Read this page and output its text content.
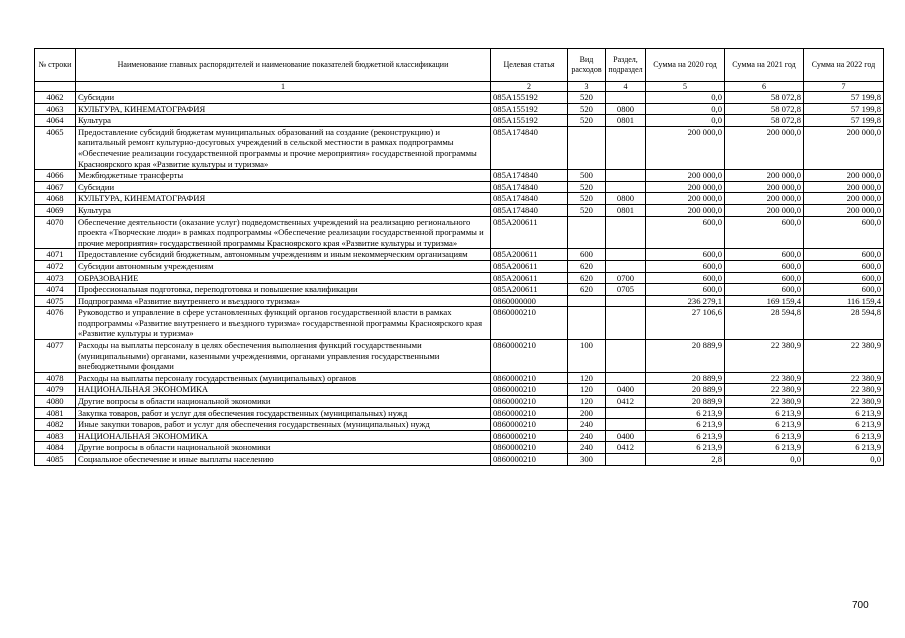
№ строки	Наименование главных распорядителей и наименование показателей бюджетной классификации	Целевая статья	Вид расходов	Раздел, подраздел	Сумма на 2020 год	Сумма на 2021 год	Сумма на 2022 год
	1	2	3	4	5	6	7
4062	Субсидии	085A155192	520		0,0	58 072,8	57 199,8
4063	КУЛЬТУРА, КИНЕМАТОГРАФИЯ	085A155192	520	0800	0,0	58 072,8	57 199,8
4064	Культура	085A155192	520	0801	0,0	58 072,8	57 199,8
4065	Предоставление субсидий бюджетам муниципальных образований на создание (реконструкцию) и капитальный ремонт культурно-досуговых учреждений в сельской местности в рамках подпрограммы «Обеспечение реализации государственной программы и прочие мероприятия» государственной программы Красноярского края «Развитие культуры и туризма»	085A174840			200 000,0	200 000,0	200 000,0
4066	Межбюджетные трансферты	085A174840	500		200 000,0	200 000,0	200 000,0
4067	Субсидии	085A174840	520		200 000,0	200 000,0	200 000,0
4068	КУЛЬТУРА, КИНЕМАТОГРАФИЯ	085A174840	520	0800	200 000,0	200 000,0	200 000,0
4069	Культура	085A174840	520	0801	200 000,0	200 000,0	200 000,0
4070	Обеспечение деятельности (оказание услуг) подведомственных учреждений на реализацию регионального проекта «Творческие люди» в рамках подпрограммы «Обеспечение реализации государственной программы и прочие мероприятия» государственной программы Красноярского края «Развитие культуры и туризма»	085A200611			600,0	600,0	600,0
4071	Предоставление субсидий бюджетным, автономным учреждениям и иным некоммерческим организациям	085A200611	600		600,0	600,0	600,0
4072	Субсидии автономным учреждениям	085A200611	620		600,0	600,0	600,0
4073	ОБРАЗОВАНИЕ	085A200611	620	0700	600,0	600,0	600,0
4074	Профессиональная подготовка, переподготовка и повышение квалификации	085A200611	620	0705	600,0	600,0	600,0
4075	Подпрограмма «Развитие внутреннего и въездного туризма»	0860000000			236 279,1	169 159,4	116 159,4
4076	Руководство и управление в сфере установленных функций органов государственной власти в рамках подпрограммы «Развитие внутреннего и въездного туризма» государственной программы Красноярского края «Развитие культуры и туризма»	0860000210			27 106,6	28 594,8	28 594,8
4077	Расходы на выплаты персоналу в целях обеспечения выполнения функций государственными (муниципальными) органами, казенными учреждениями, органами управления государственными внебюджетными фондами	0860000210	100		20 889,9	22 380,9	22 380,9
4078	Расходы на выплаты персоналу государственных (муниципальных) органов	0860000210	120		20 889,9	22 380,9	22 380,9
4079	НАЦИОНАЛЬНАЯ ЭКОНОМИКА	0860000210	120	0400	20 889,9	22 380,9	22 380,9
4080	Другие вопросы в области национальной экономики	0860000210	120	0412	20 889,9	22 380,9	22 380,9
4081	Закупка товаров, работ и услуг для обеспечения государственных (муниципальных) нужд	0860000210	200		6 213,9	6 213,9	6 213,9
4082	Иные закупки товаров, работ и услуг для обеспечения государственных (муниципальных) нужд	0860000210	240		6 213,9	6 213,9	6 213,9
4083	НАЦИОНАЛЬНАЯ ЭКОНОМИКА	0860000210	240	0400	6 213,9	6 213,9	6 213,9
4084	Другие вопросы в области национальной экономики	0860000210	240	0412	6 213,9	6 213,9	6 213,9
4085	Социальное обеспечение и иные выплаты населению	0860000210	300		2,8	0,0	0,0
700
